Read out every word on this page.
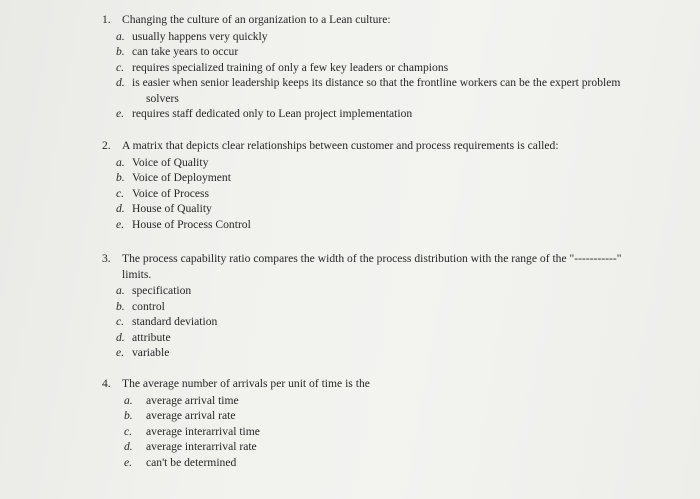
1. Changing the culture of an organization to a Lean culture:
a. usually happens very quickly
b. can take years to occur
c. requires specialized training of only a few key leaders or champions
d. is easier when senior leadership keeps its distance so that the frontline workers can be the expert problem
solvers
e. requires staff dedicated only to Lean project implementation
2. A matrix that depicts clear relationships between customer and process requirements is called:
a. Voice of Quality
b. Voice of Deployment
c. Voice of Process
d. House of Quality
e. House of Process Control
3. The process capability ratio compares the width of the process distribution with the range of the "-----------"
limits.
a. specification
b. control
c. standard deviation
d. attribute
e. variable
4. The average number of arrivals per unit of time is the
a.	average arrival time
b.	average arrival rate
c.	average interarrival time
d.	average interarrival rate
e.	can't be determined
